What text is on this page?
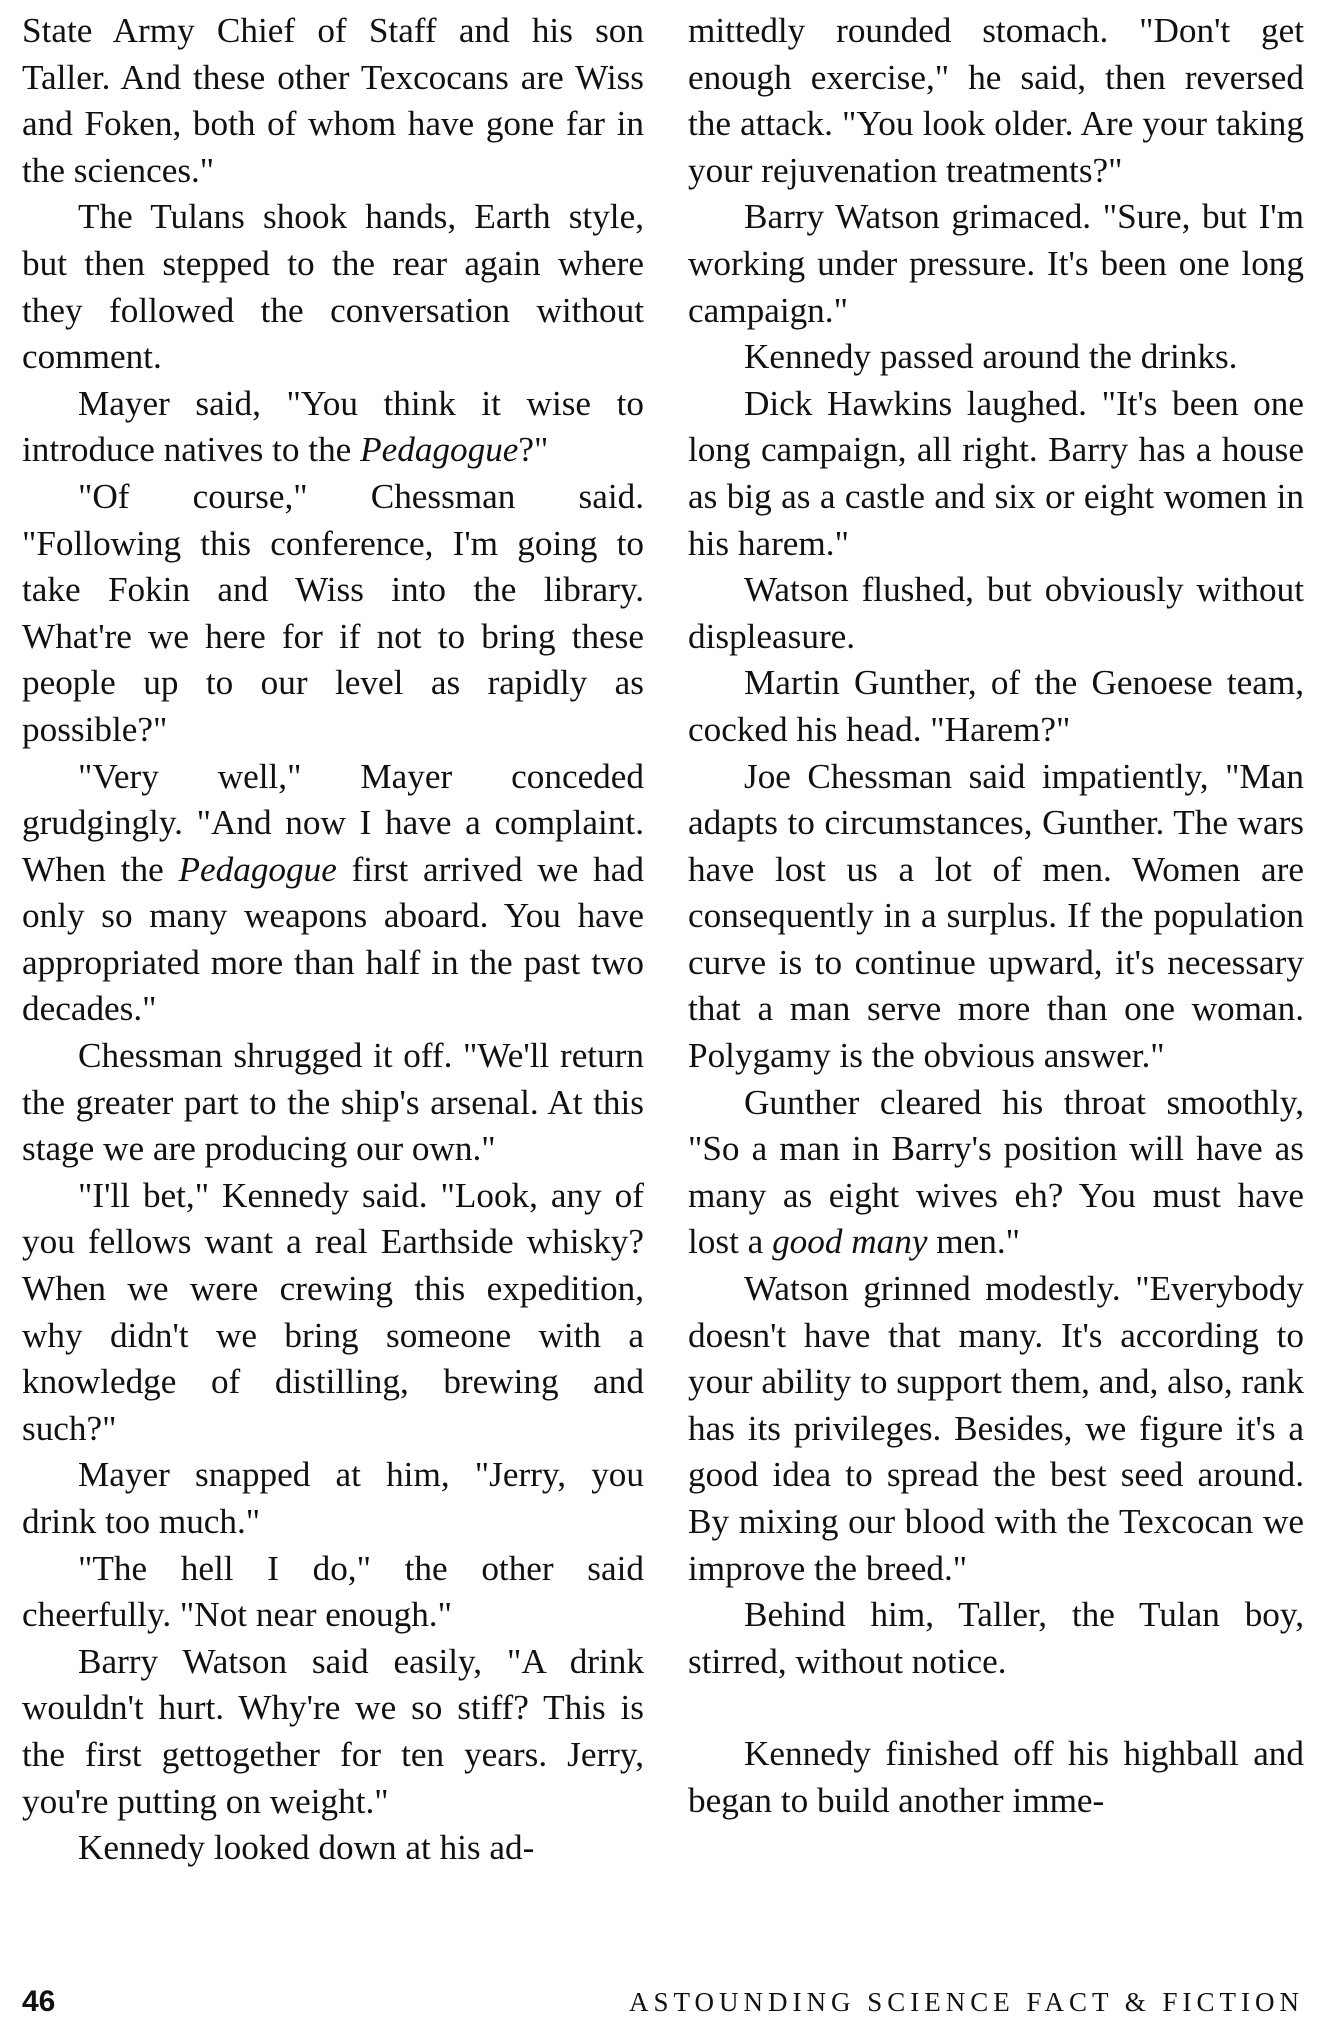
State Army Chief of Staff and his son Taller. And these other Texcocans are Wiss and Foken, both of whom have gone far in the sciences."

The Tulans shook hands, Earth style, but then stepped to the rear again where they followed the conversation without comment.

Mayer said, "You think it wise to introduce natives to the Pedagogue?"

"Of course," Chessman said. "Following this conference, I'm going to take Fokin and Wiss into the library. What're we here for if not to bring these people up to our level as rapidly as possible?"

"Very well," Mayer conceded grudgingly. "And now I have a complaint. When the Pedagogue first arrived we had only so many weapons aboard. You have appropriated more than half in the past two decades."

Chessman shrugged it off. "We'll return the greater part to the ship's arsenal. At this stage we are producing our own."

"I'll bet," Kennedy said. "Look, any of you fellows want a real Earthside whisky? When we were crewing this expedition, why didn't we bring someone with a knowledge of distilling, brewing and such?"

Mayer snapped at him, "Jerry, you drink too much."

"The hell I do," the other said cheerfully. "Not near enough."

Barry Watson said easily, "A drink wouldn't hurt. Why're we so stiff? This is the first gettogether for ten years. Jerry, you're putting on weight."

Kennedy looked down at his ad-

mittedly rounded stomach. "Don't get enough exercise," he said, then reversed the attack. "You look older. Are your taking your rejuvenation treatments?"

Barry Watson grimaced. "Sure, but I'm working under pressure. It's been one long campaign."

Kennedy passed around the drinks.

Dick Hawkins laughed. "It's been one long campaign, all right. Barry has a house as big as a castle and six or eight women in his harem."

Watson flushed, but obviously without displeasure.

Martin Gunther, of the Genoese team, cocked his head. "Harem?"

Joe Chessman said impatiently, "Man adapts to circumstances, Gunther. The wars have lost us a lot of men. Women are consequently in a surplus. If the population curve is to continue upward, it's necessary that a man serve more than one woman. Polygamy is the obvious answer."

Gunther cleared his throat smoothly, "So a man in Barry's position will have as many as eight wives eh? You must have lost a good many men."

Watson grinned modestly. "Everybody doesn't have that many. It's according to your ability to support them, and, also, rank has its privileges. Besides, we figure it's a good idea to spread the best seed around. By mixing our blood with the Texcocan we improve the breed."

Behind him, Taller, the Tulan boy, stirred, without notice.

Kennedy finished off his highball and began to build another imme-

46	ASTOUNDING SCIENCE FACT & FICTION
